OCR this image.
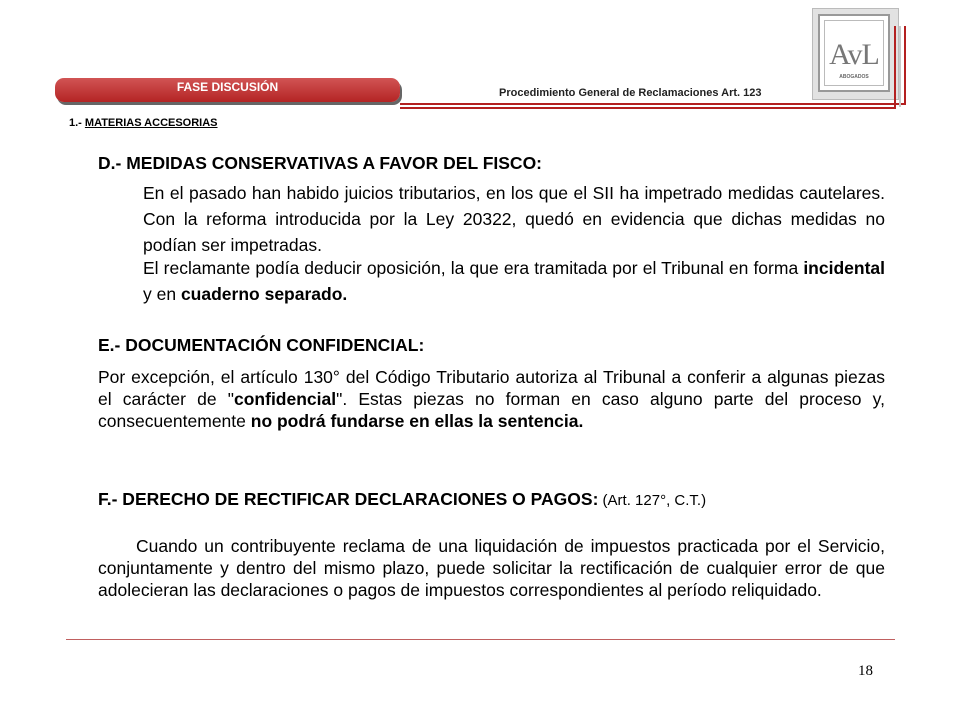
AvL
ABOGADOS
FASE DISCUSIÓN	Procedimiento General de Reclamaciones Art. 123
1.- MATERIAS ACCESORIAS
D.- MEDIDAS CONSERVATIVAS A FAVOR DEL FISCO:

En el pasado han habido juicios tributarios, en los que el SII ha impetrado medidas cautelares. Con la reforma introducida por la Ley 20322, quedó en evidencia que dichas medidas no podían ser impetradas.

El reclamante podía deducir oposición, la que era tramitada por el Tribunal en forma incidental y en cuaderno separado.

E.- DOCUMENTACIÓN CONFIDENCIAL:

Por excepción, el artículo 130° del Código Tributario autoriza al Tribunal a conferir a algunas piezas el carácter de "confidencial". Estas piezas no forman en caso alguno parte del proceso y, consecuentemente no podrá fundarse en ellas la sentencia.

F.- DERECHO DE RECTIFICAR DECLARACIONES O PAGOS: (Art. 127°, C.T.)

Cuando un contribuyente reclama de una liquidación de impuestos practicada por el Servicio, conjuntamente y dentro del mismo plazo, puede solicitar la rectificación de cualquier error de que adolecieran las declaraciones o pagos de impuestos correspondientes al período reliquidado.

18
